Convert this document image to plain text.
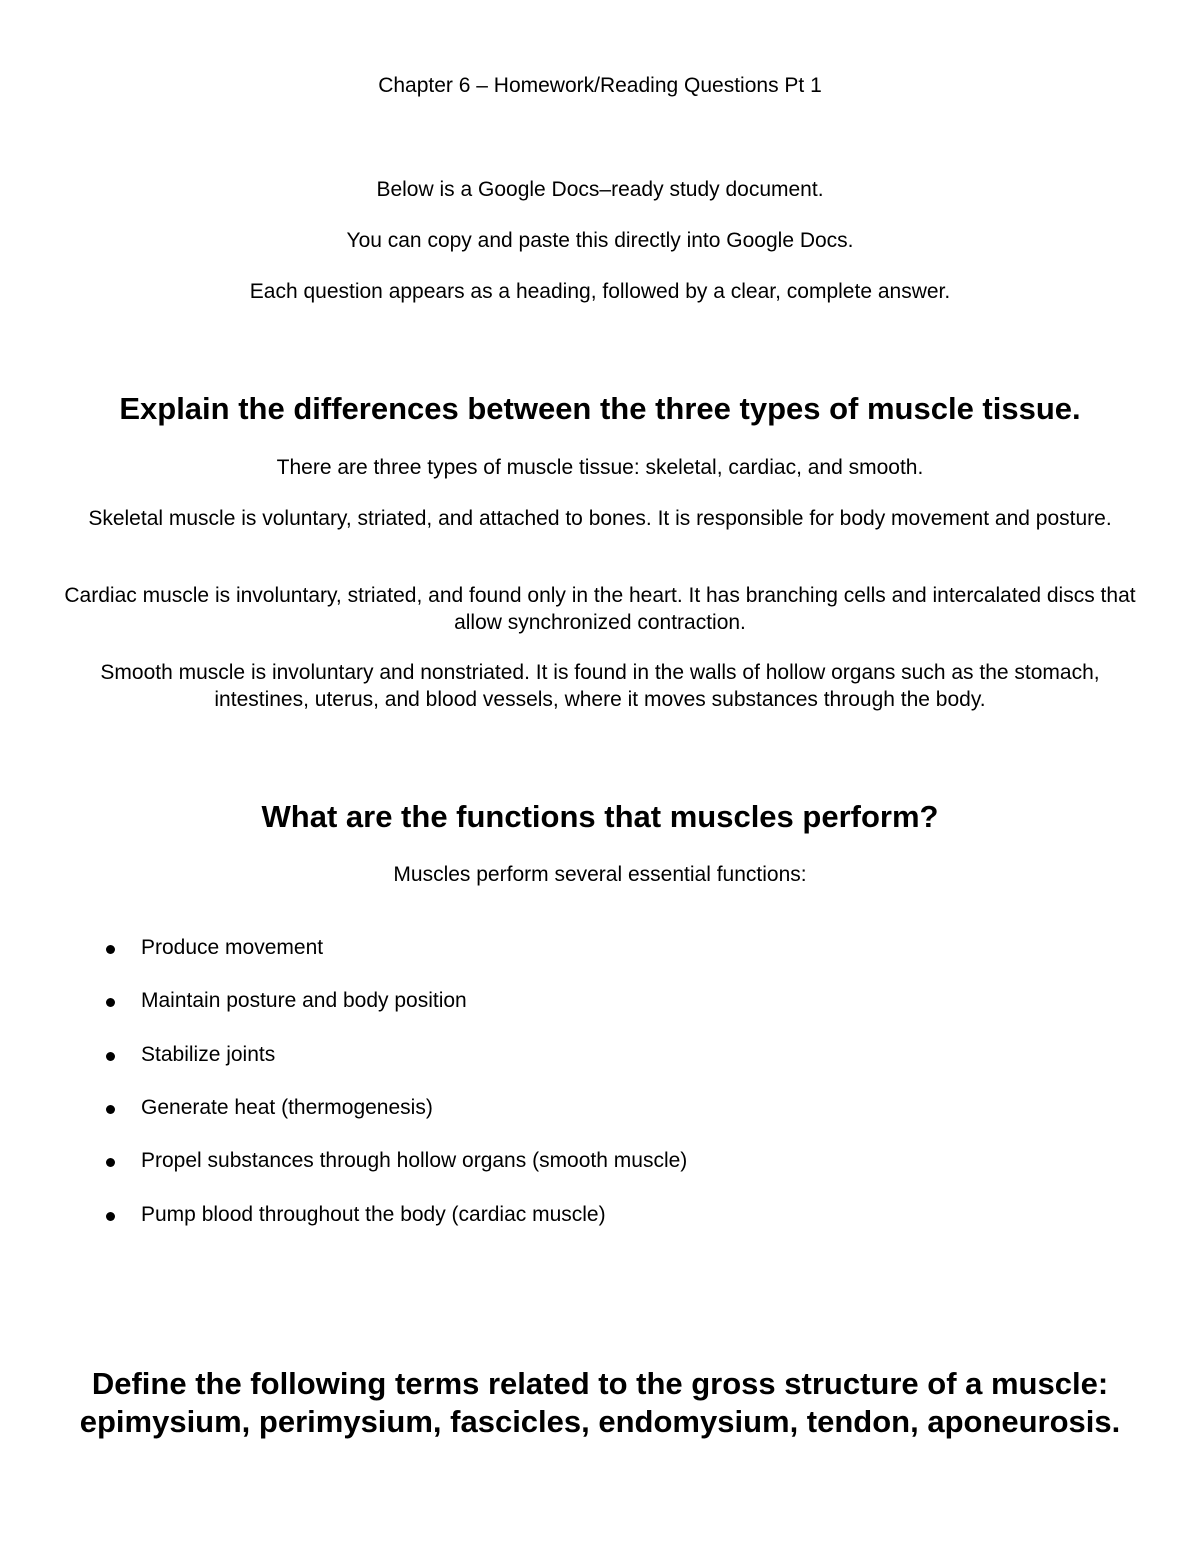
Chapter 6 – Homework/Reading Questions Pt 1
Below is a Google Docs–ready study document.
You can copy and paste this directly into Google Docs.
Each question appears as a heading, followed by a clear, complete answer.
Explain the differences between the three types of muscle tissue.
There are three types of muscle tissue: skeletal, cardiac, and smooth.
Skeletal muscle is voluntary, striated, and attached to bones. It is responsible for body movement and posture.
Cardiac muscle is involuntary, striated, and found only in the heart. It has branching cells and intercalated discs that allow synchronized contraction.
Smooth muscle is involuntary and nonstriated. It is found in the walls of hollow organs such as the stomach, intestines, uterus, and blood vessels, where it moves substances through the body.
What are the functions that muscles perform?
Muscles perform several essential functions:
Produce movement
Maintain posture and body position
Stabilize joints
Generate heat (thermogenesis)
Propel substances through hollow organs (smooth muscle)
Pump blood throughout the body (cardiac muscle)
Define the following terms related to the gross structure of a muscle: epimysium, perimysium, fascicles, endomysium, tendon, aponeurosis.
